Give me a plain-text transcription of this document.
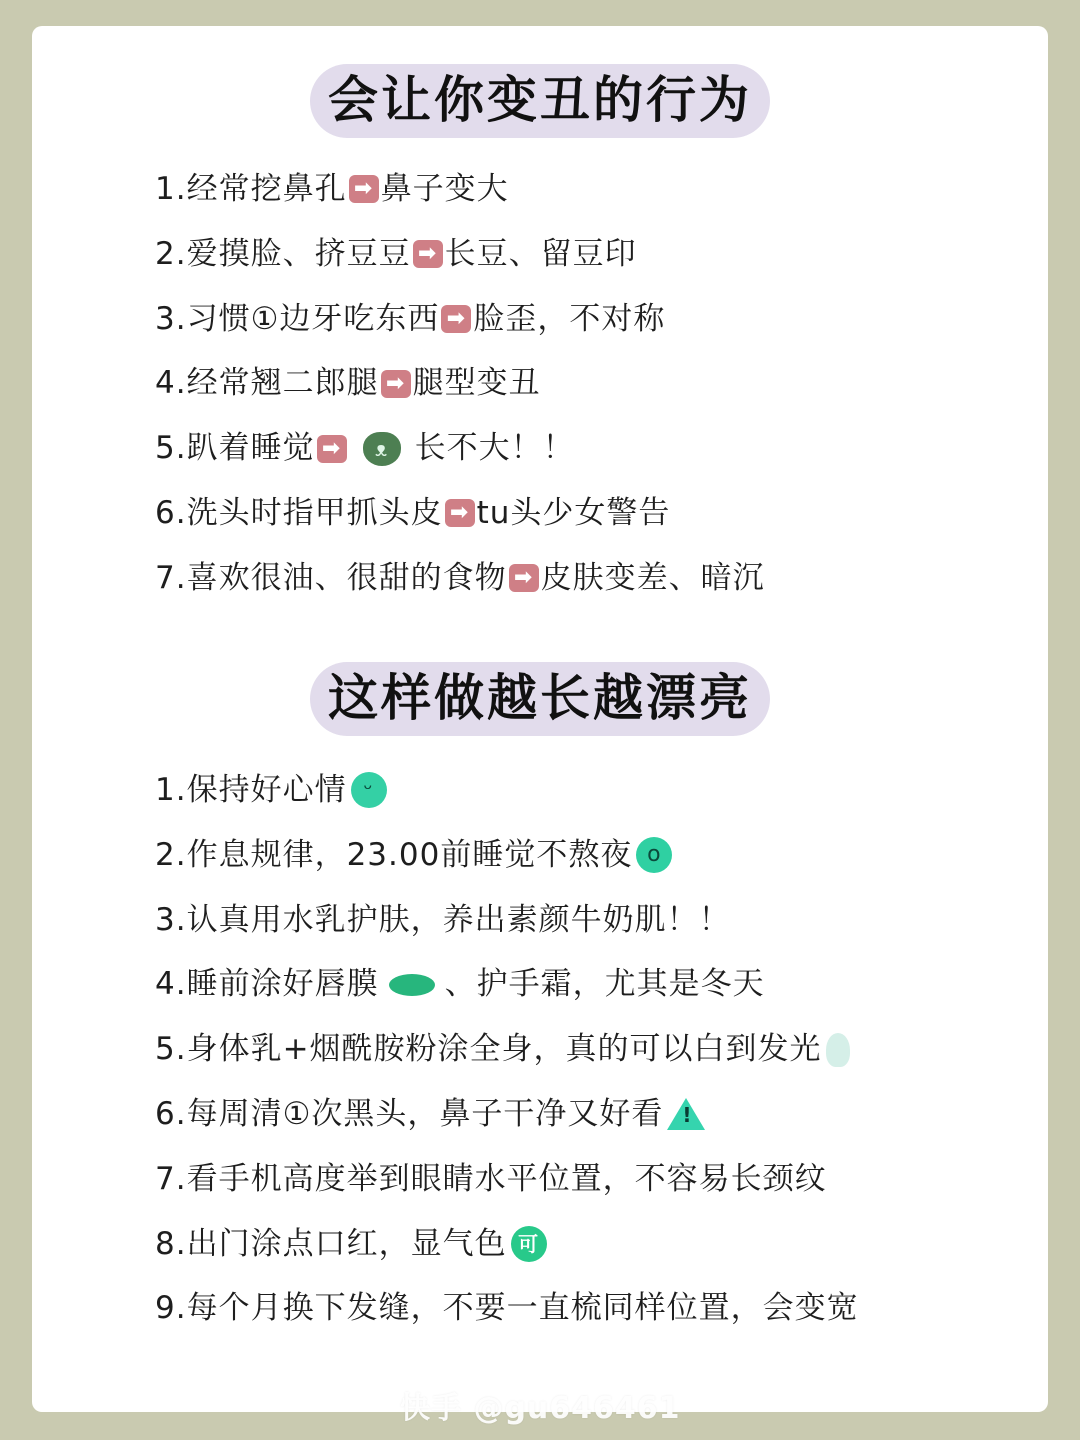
会让你变丑的行为
1. 经常挖鼻孔 ➡ 鼻子变大
2. 爱摸脸、挤豆豆 ➡ 长豆、留豆印
3. 习惯①边牙吃东西 ➡ 脸歪，不对称
4. 经常翘二郎腿 ➡ 腿型变丑
5. 趴着睡觉 ➡	ᴥ 长不大！！
6. 洗头时指甲抓头皮 ➡ tu头少女警告
7. 喜欢很油、很甜的食物 ➡ 皮肤变差、暗沉
这样做越长越漂亮
1. 保持好心情 ᵕ
2. 作息规律，23.00前睡觉不熬夜 o
3. 认真用水乳护肤，养出素颜牛奶肌！！
4. 睡前涂好唇膜 、护手霜，尤其是冬天
5. 身体乳+烟酰胺粉涂全身，真的可以白到发光
6. 每周清①次黑头，鼻子干净又好看 !
7. 看手机高度举到眼睛水平位置，不容易长颈纹
8. 出门涂点口红，显气色 可
9. 每个月换下发缝，不要一直梳同样位置，会变宽
快手 @gu646461
